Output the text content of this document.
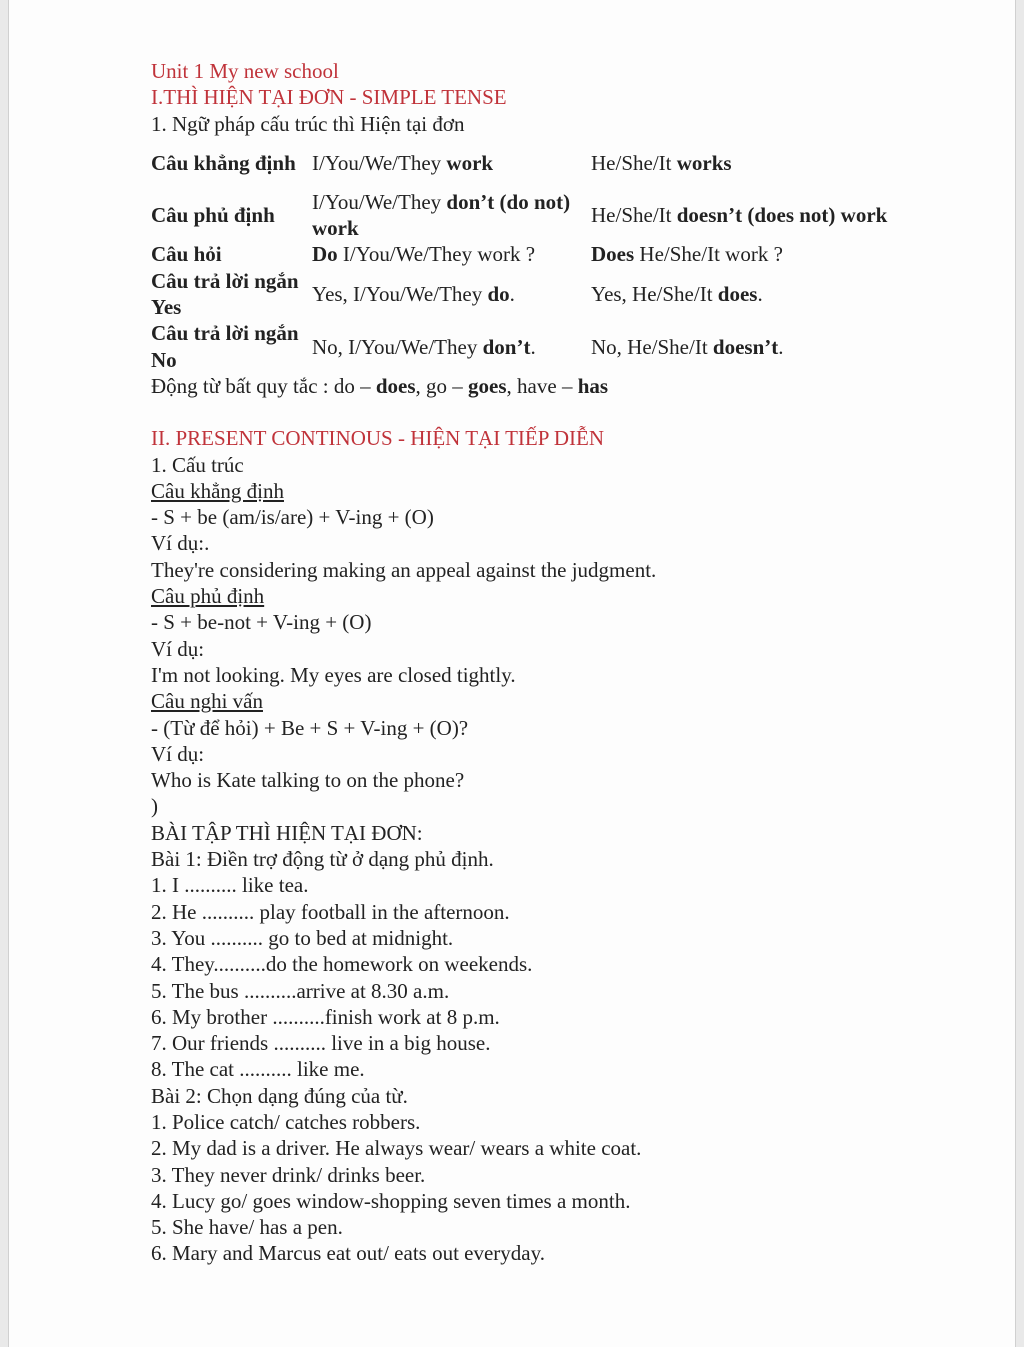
Unit 1 My new school
I.THÌ HIỆN TẠI ĐƠN - SIMPLE TENSE
1. Ngữ pháp cấu trúc thì Hiện tại đơn
Câu khẳng định	I/You/We/They work	He/She/It works
Câu phủ định	I/You/We/They don’t (do not) work	He/She/It doesn’t (does not) work
Câu hỏi	Do I/You/We/They work ?	Does He/She/It work ?
Câu trả lời ngắn Yes	Yes, I/You/We/They do.	Yes, He/She/It does.
Câu trả lời ngắn No	No, I/You/We/They don’t.	No, He/She/It doesn’t.
Động từ bất quy tắc : do – does, go – goes, have – has
II. PRESENT CONTINOUS - HIỆN TẠI TIẾP DIỄN
1. Cấu trúc
Câu khẳng định
- S + be (am/is/are) + V-ing + (O)
Ví dụ:.
They're considering making an appeal against the judgment.
Câu phủ định
- S + be-not + V-ing + (O)
Ví dụ:
I'm not looking. My eyes are closed tightly.
Câu nghi vấn
- (Từ để hỏi) + Be + S + V-ing + (O)?
Ví dụ:
Who is Kate talking to on the phone?
)
BÀI TẬP THÌ HIỆN TẠI ĐƠN:
Bài 1: Điền trợ động từ ở dạng phủ định.
1. I .......... like tea.
2. He .......... play football in the afternoon.
3. You .......... go to bed at midnight.
4. They..........do the homework on weekends.
5. The bus ..........arrive at 8.30 a.m.
6. My brother ..........finish work at 8 p.m.
7. Our friends .......... live in a big house.
8. The cat .......... like me.
Bài 2: Chọn dạng đúng của từ.
1. Police catch/ catches robbers.
2. My dad is a driver. He always wear/ wears a white coat.
3. They never drink/ drinks beer.
4. Lucy go/ goes window-shopping seven times a month.
5. She have/ has a pen.
6. Mary and Marcus eat out/ eats out everyday.
